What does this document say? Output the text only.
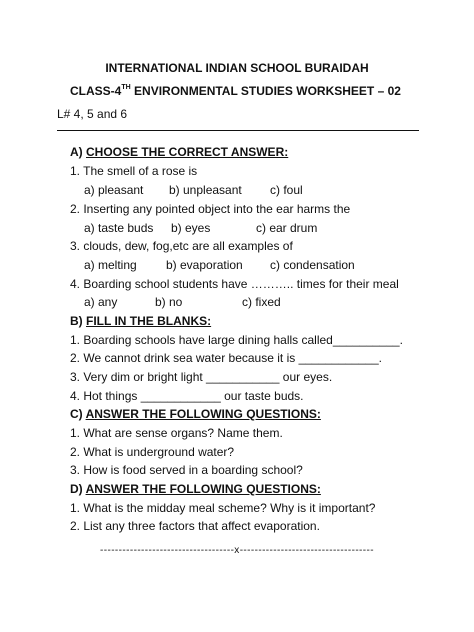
INTERNATIONAL INDIAN SCHOOL BURAIDAH
CLASS-4TH ENVIRONMENTAL STUDIES WORKSHEET – 02
L# 4, 5 and 6
A) CHOOSE THE CORRECT ANSWER:
1. The smell of a rose is
a) pleasant b) unpleasant c) foul
2. Inserting any pointed object into the ear harms the
a) taste buds b) eyes	c) ear drum
3. clouds, dew, fog,etc are all examples of
a) melting b) evaporation c) condensation
4. Boarding school students have ……….. times for their meal
a) any	b) no	c) fixed
B) FILL IN THE BLANKS:
1. Boarding schools have large dining halls called__________.
2. We cannot drink sea water because it is ____________.
3. Very dim or bright light ___________ our eyes.
4. Hot things ____________ our taste buds.
C) ANSWER THE FOLLOWING QUESTIONS:
1. What are sense organs? Name them.
2. What is underground water?
3. How is food served in a boarding school?
D) ANSWER THE FOLLOWING QUESTIONS:
1. What is the midday meal scheme? Why is it important?
2. List any three factors that affect evaporation.
------------------------------------x------------------------------------
